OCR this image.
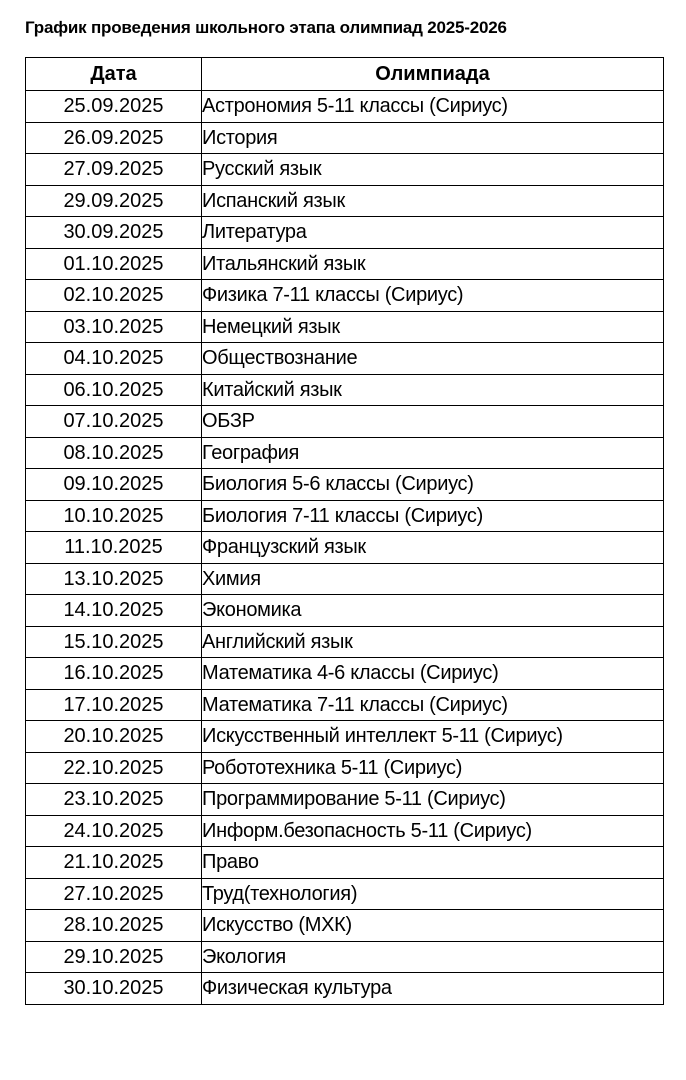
График проведения школьного этапа олимпиад 2025-2026
Дата	Олимпиада
25.09.2025	Астрономия 5-11 классы (Сириус)
26.09.2025	История
27.09.2025	Русский язык
29.09.2025	Испанский язык
30.09.2025	Литература
01.10.2025	Итальянский язык
02.10.2025	Физика 7-11 классы (Сириус)
03.10.2025	Немецкий язык
04.10.2025	Обществознание
06.10.2025	Китайский язык
07.10.2025	ОБЗР
08.10.2025	География
09.10.2025	Биология 5-6 классы (Сириус)
10.10.2025	Биология 7-11 классы (Сириус)
11.10.2025	Французский язык
13.10.2025	Химия
14.10.2025	Экономика
15.10.2025	Английский язык
16.10.2025	Математика 4-6 классы (Сириус)
17.10.2025	Математика 7-11 классы (Сириус)
20.10.2025	Искусственный интеллект 5-11 (Сириус)
22.10.2025	Робототехника 5-11 (Сириус)
23.10.2025	Программирование 5-11 (Сириус)
24.10.2025	Информ.безопасность 5-11 (Сириус)
21.10.2025	Право
27.10.2025	Труд(технология)
28.10.2025	Искусство (МХК)
29.10.2025	Экология
30.10.2025	Физическая культура
